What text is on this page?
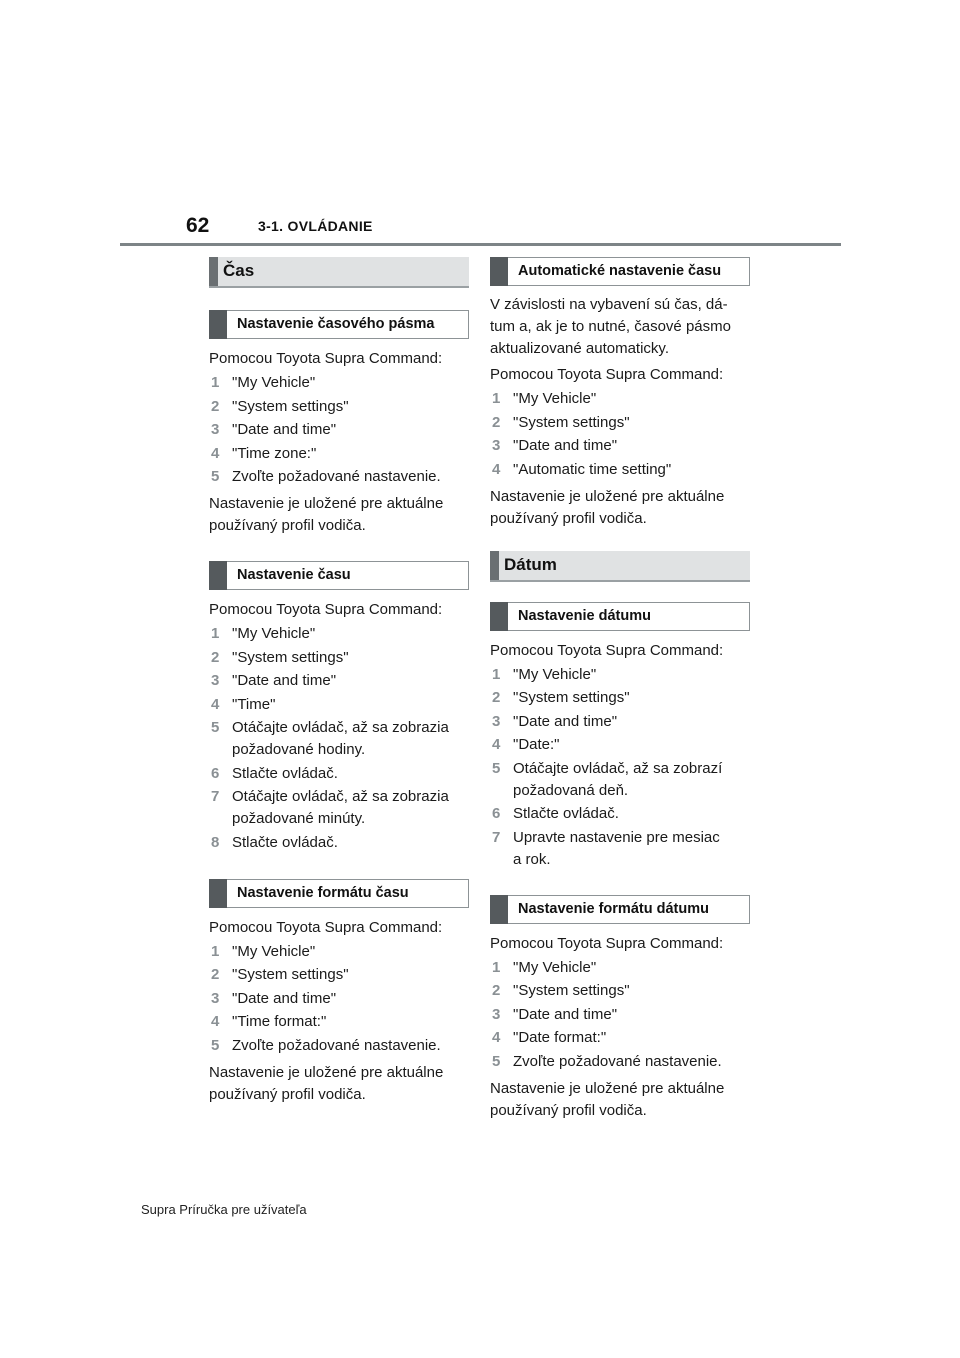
62	3-1. OVLÁDANIE
Čas
Nastavenie časového pásma

Pomocou Toyota Supra Command:

1 "My Vehicle"
2 "System settings"
3 "Date and time"
4 "Time zone:"
5 Zvoľte požadované nastavenie.

Nastavenie je uložené pre aktuálne

používaný profil vodiča.

Nastavenie času

Pomocou Toyota Supra Command:

1 "My Vehicle"
2 "System settings"
3 "Date and time"
4 "Time"
5 Otáčajte ovládač, až sa zobrazia
požadované hodiny.
6 Stlačte ovládač.
7 Otáčajte ovládač, až sa zobrazia
požadované minúty.
8 Stlačte ovládač.
Nastavenie formátu času

Pomocou Toyota Supra Command:

1 "My Vehicle"
2 "System settings"
3 "Date and time"
4 "Time format:"
5 Zvoľte požadované nastavenie.

Nastavenie je uložené pre aktuálne

používaný profil vodiča.

Automatické nastavenie času

V závislosti na vybavení sú čas, dá-

tum a, ak je to nutné, časové pásmo

aktualizované automaticky.

Pomocou Toyota Supra Command:

1 "My Vehicle"
2 "System settings"
3 "Date and time"
4 "Automatic time setting"

Nastavenie je uložené pre aktuálne

používaný profil vodiča.

Dátum
Nastavenie dátumu

Pomocou Toyota Supra Command:

1 "My Vehicle"
2 "System settings"
3 "Date and time"
4 "Date:"
5 Otáčajte ovládač, až sa zobrazí
požadovaná deň.
6 Stlačte ovládač.
7 Upravte nastavenie pre mesiac
a rok.
Nastavenie formátu dátumu

Pomocou Toyota Supra Command:

1 "My Vehicle"
2 "System settings"
3 "Date and time"
4 "Date format:"
5 Zvoľte požadované nastavenie.

Nastavenie je uložené pre aktuálne

používaný profil vodiča.

Supra Príručka pre užívateľa
